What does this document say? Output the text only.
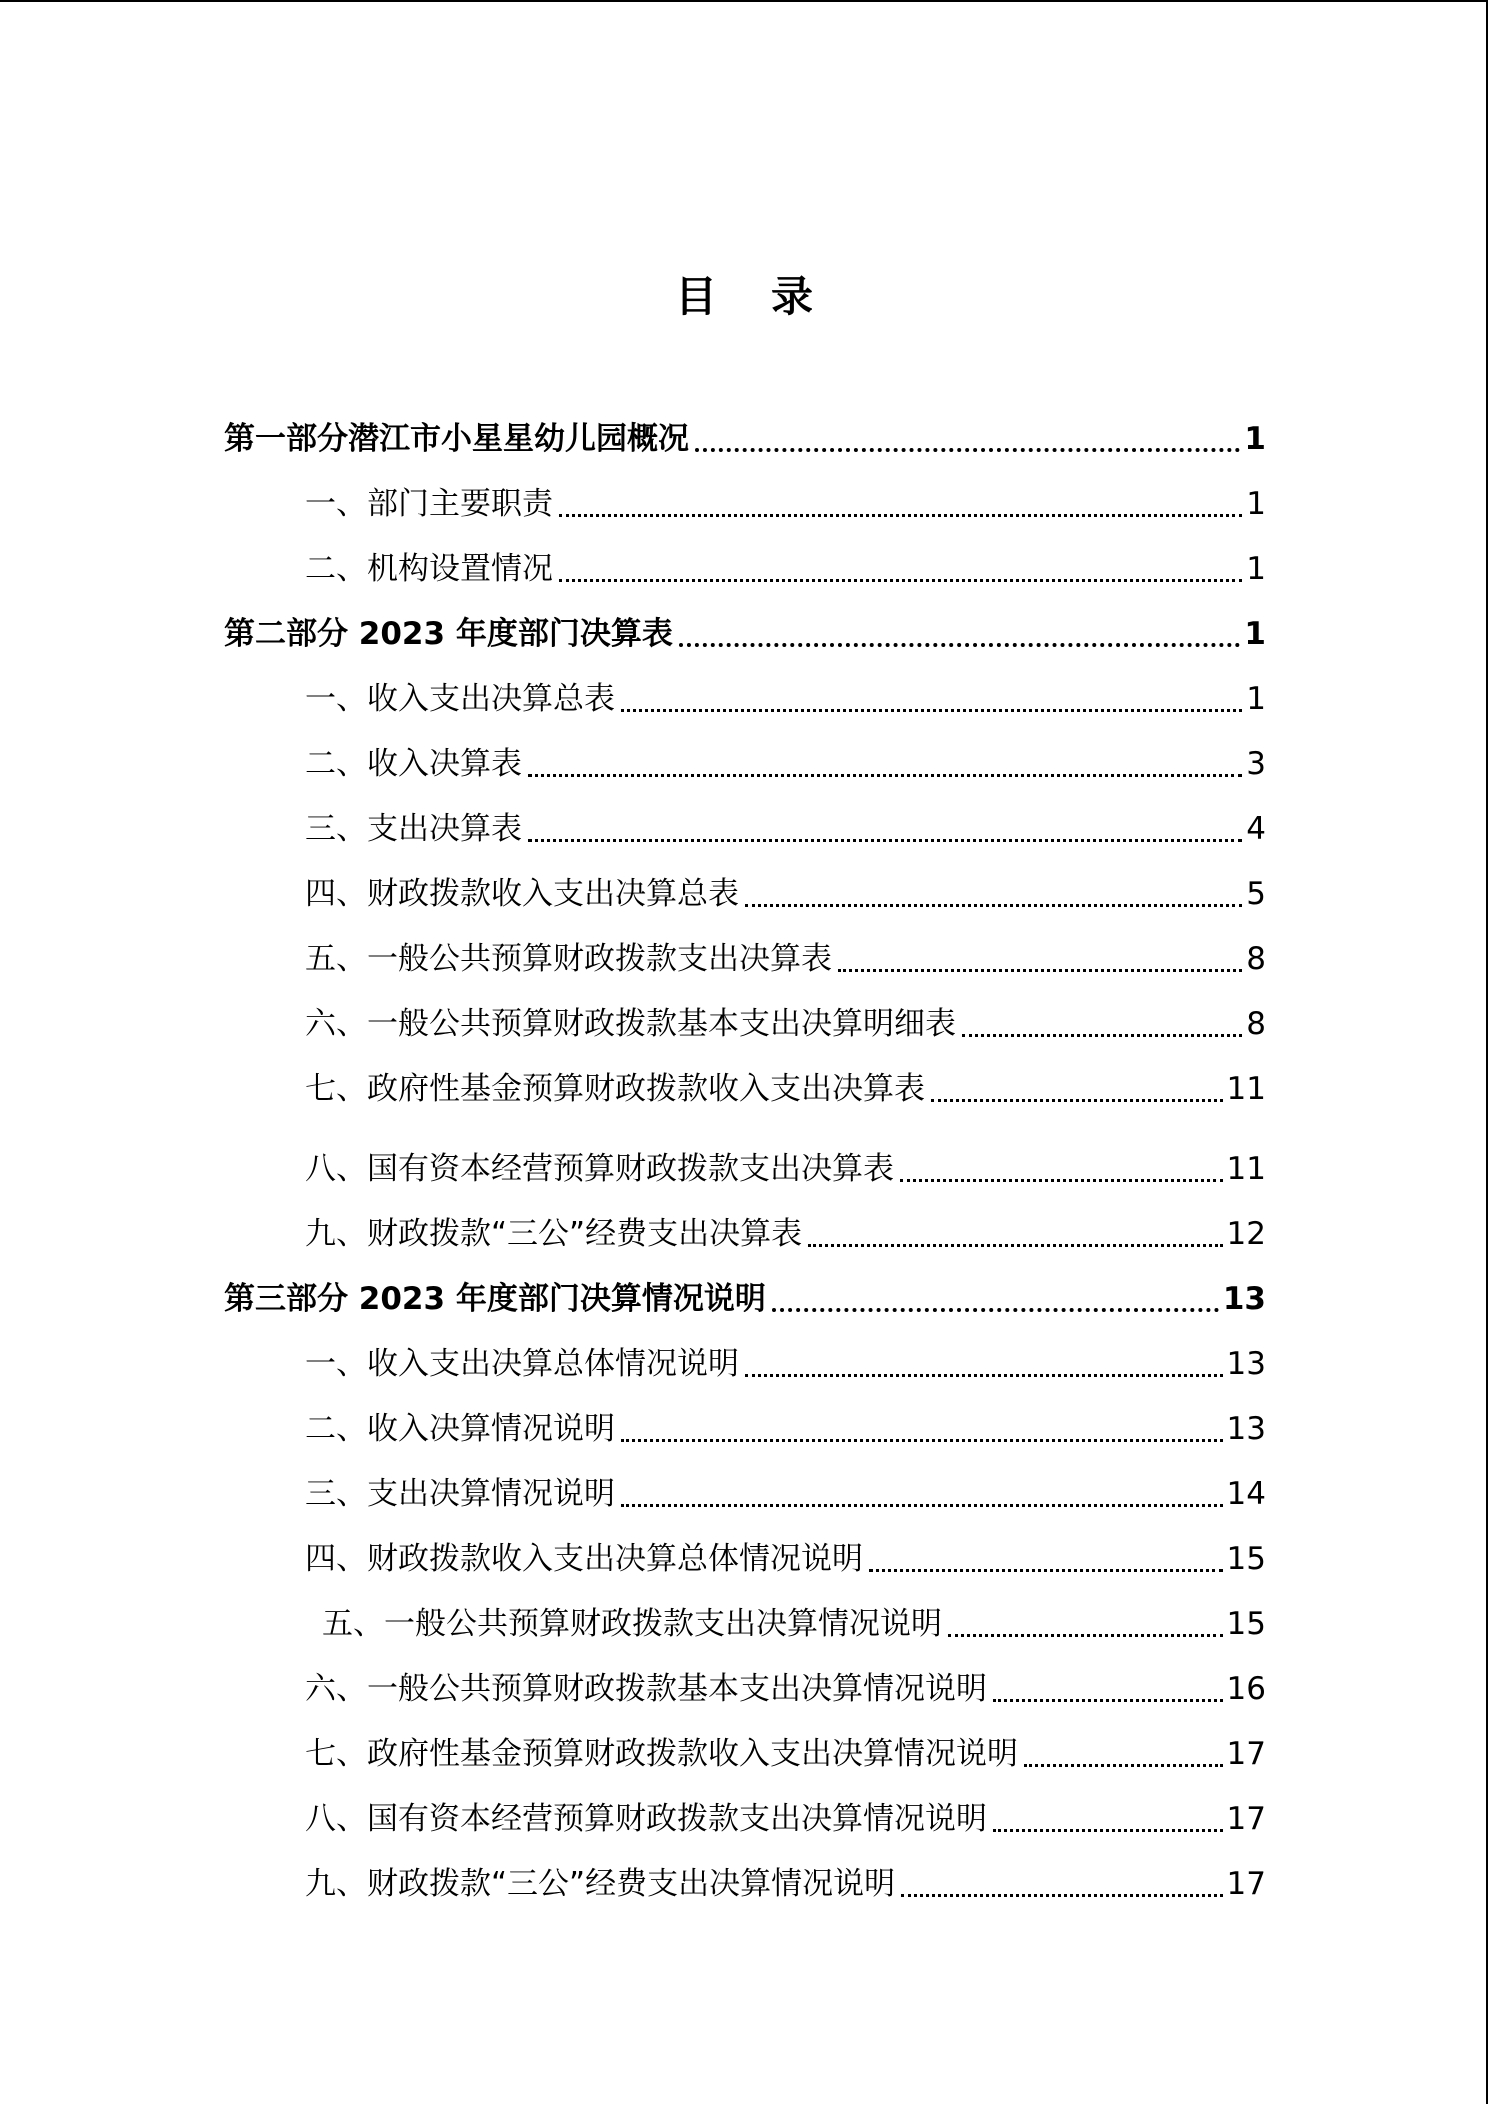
目录
第一部分潜江市小星星幼儿园概况	1
一、部门主要职责	1
二、机构设置情况	1
第二部分 2023 年度部门决算表	1
一、收入支出决算总表	1
二、收入决算表	3
三、支出决算表	4
四、财政拨款收入支出决算总表	5
五、一般公共预算财政拨款支出决算表	8
六、一般公共预算财政拨款基本支出决算明细表	8
七、政府性基金预算财政拨款收入支出决算表	11
八、国有资本经营预算财政拨款支出决算表	11
九、财政拨款“三公”经费支出决算表	12
第三部分 2023 年度部门决算情况说明	13
一、收入支出决算总体情况说明	13
二、收入决算情况说明	13
三、支出决算情况说明	14
四、财政拨款收入支出决算总体情况说明	15
五、一般公共预算财政拨款支出决算情况说明	15
六、一般公共预算财政拨款基本支出决算情况说明	16
七、政府性基金预算财政拨款收入支出决算情况说明	17
八、国有资本经营预算财政拨款支出决算情况说明	17
九、财政拨款“三公”经费支出决算情况说明	17
